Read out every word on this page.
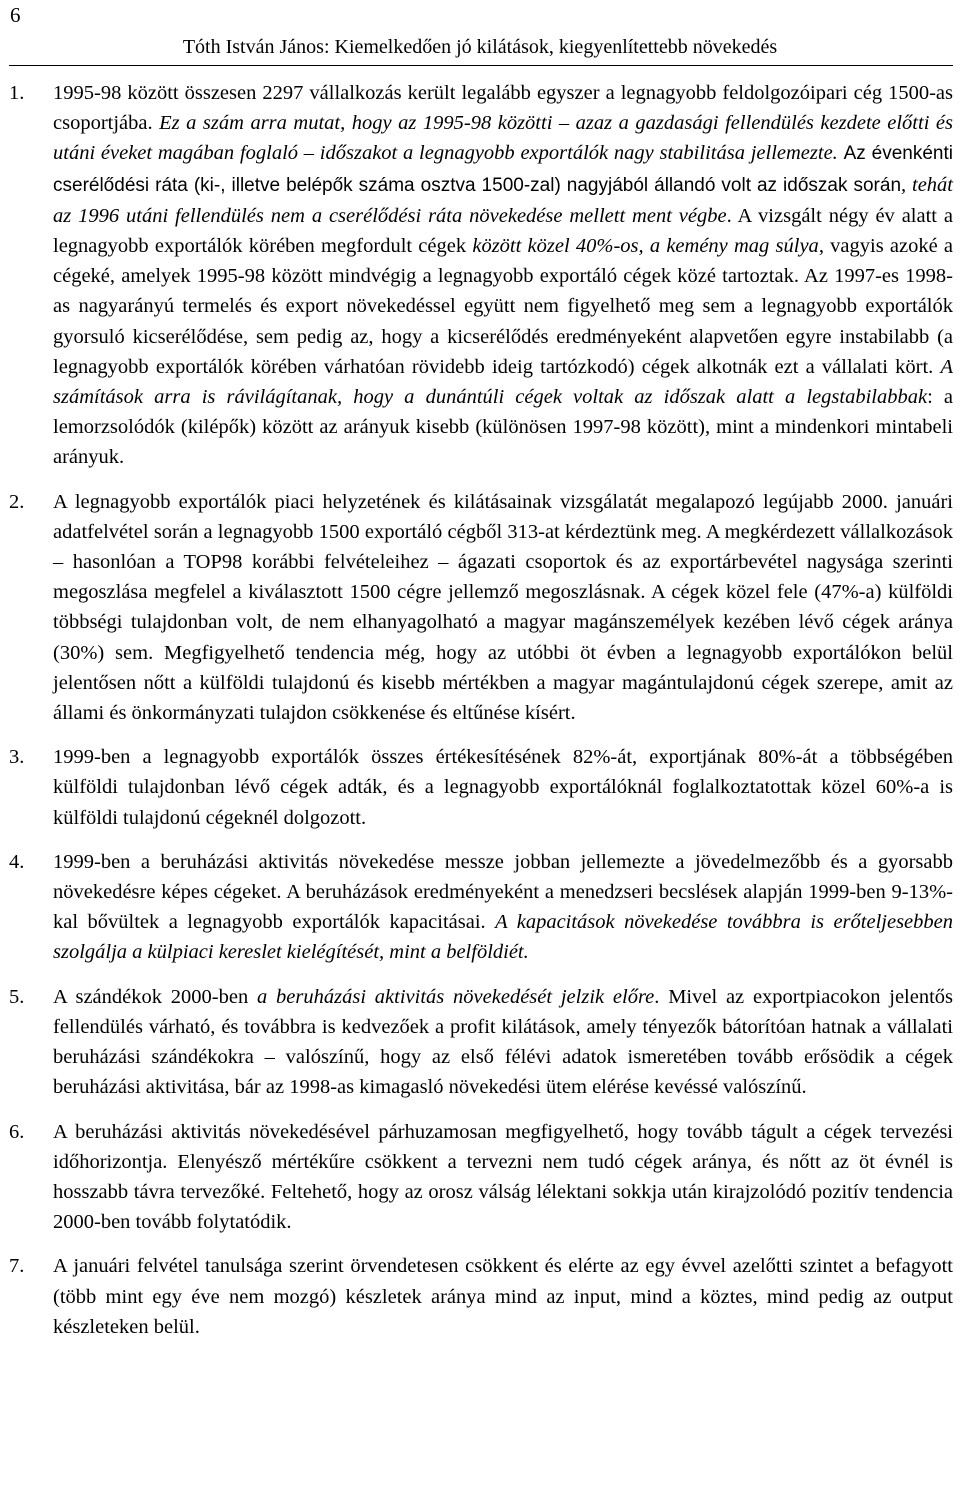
6
Tóth István János: Kiemelkedően jó kilátások, kiegyenlítettebb növekedés
1. 1995-98 között összesen 2297 vállalkozás került legalább egyszer a legnagyobb feldolgozóipari cég 1500-as csoportjába. Ez a szám arra mutat, hogy az 1995-98 közötti – azaz a gazdasági fellendülés kezdete előtti és utáni éveket magában foglaló – időszakot a legnagyobb exportálók nagy stabilitása jellemezte. Az évenkénti cserélődési ráta (ki-, illetve belépők száma osztva 1500-zal) nagyjából állandó volt az időszak során, tehát az 1996 utáni fellendülés nem a cserélődési ráta növekedése mellett ment végbe. A vizsgált négy év alatt a legnagyobb exportálók körében megfordult cégek között közel 40%-os, a kemény mag súlya, vagyis azoké a cégeké, amelyek 1995-98 között mindvégig a legnagyobb exportáló cégek közé tartoztak. Az 1997-es 1998-as nagyarányú termelés és export növekedéssel együtt nem figyelhető meg sem a legnagyobb exportálók gyorsuló kicserélődése, sem pedig az, hogy a kicserélődés eredményeként alapvetően egyre instabilabb (a legnagyobb exportálók körében várhatóan rövidebb ideig tartózkodó) cégek alkotnák ezt a vállalati kört. A számítások arra is rávilágítanak, hogy a dunántúli cégek voltak az időszak alatt a legstabilabbak: a lemorzsolódók (kilépők) között az arányuk kisebb (különösen 1997-98 között), mint a mindenkori mintabeli arányuk.
2. A legnagyobb exportálók piaci helyzetének és kilátásainak vizsgálatát megalapozó legújabb 2000. januári adatfelvétel során a legnagyobb 1500 exportáló cégből 313-at kérdeztünk meg. A megkérdezett vállalkozások – hasonlóan a TOP98 korábbi felvételeihez – ágazati csoportok és az exportárbevétel nagysága szerinti megoszlása megfelel a kiválasztott 1500 cégre jellemző megoszlásnak. A cégek közel fele (47%-a) külföldi többségi tulajdonban volt, de nem elhanyagolható a magyar magánszemélyek kezében lévő cégek aránya (30%) sem. Megfigyelhető tendencia még, hogy az utóbbi öt évben a legnagyobb exportálókon belül jelentősen nőtt a külföldi tulajdonú és kisebb mértékben a magyar magántulajdonú cégek szerepe, amit az állami és önkormányzati tulajdon csökkenése és eltűnése kísért.
3. 1999-ben a legnagyobb exportálók összes értékesítésének 82%-át, exportjának 80%-át a többségében külföldi tulajdonban lévő cégek adták, és a legnagyobb exportálóknál foglalkoztatottak közel 60%-a is külföldi tulajdonú cégeknél dolgozott.
4. 1999-ben a beruházási aktivitás növekedése messze jobban jellemezte a jövedelmezőbb és a gyorsabb növekedésre képes cégeket. A beruházások eredményeként a menedzseri becslések alapján 1999-ben 9-13%-kal bővültek a legnagyobb exportálók kapacitásai. A kapacitások növekedése továbbra is erőteljesebben szolgálja a külpiaci kereslet kielégítését, mint a belföldiét.
5. A szándékok 2000-ben a beruházási aktivitás növekedését jelzik előre. Mivel az exportpiacokon jelentős fellendülés várható, és továbbra is kedvezőek a profit kilátások, amely tényezők bátorítóan hatnak a vállalati beruházási szándékokra – valószínű, hogy az első félévi adatok ismeretében tovább erősödik a cégek beruházási aktivitása, bár az 1998-as kimagasló növekedési ütem elérése kevéssé valószínű.
6. A beruházási aktivitás növekedésével párhuzamosan megfigyelhető, hogy tovább tágult a cégek tervezési időhorizontja. Elenyésző mértékűre csökkent a tervezni nem tudó cégek aránya, és nőtt az öt évnél is hosszabb távra tervezőké. Feltehető, hogy az orosz válság lélektani sokkja után kirajzolódó pozitív tendencia 2000-ben tovább folytatódik.
7. A januári felvétel tanulsága szerint örvendetesen csökkent és elérte az egy évvel azelőtti szintet a befagyott (több mint egy éve nem mozgó) készletek aránya mind az input, mind a köztes, mind pedig az output készleteken belül.
